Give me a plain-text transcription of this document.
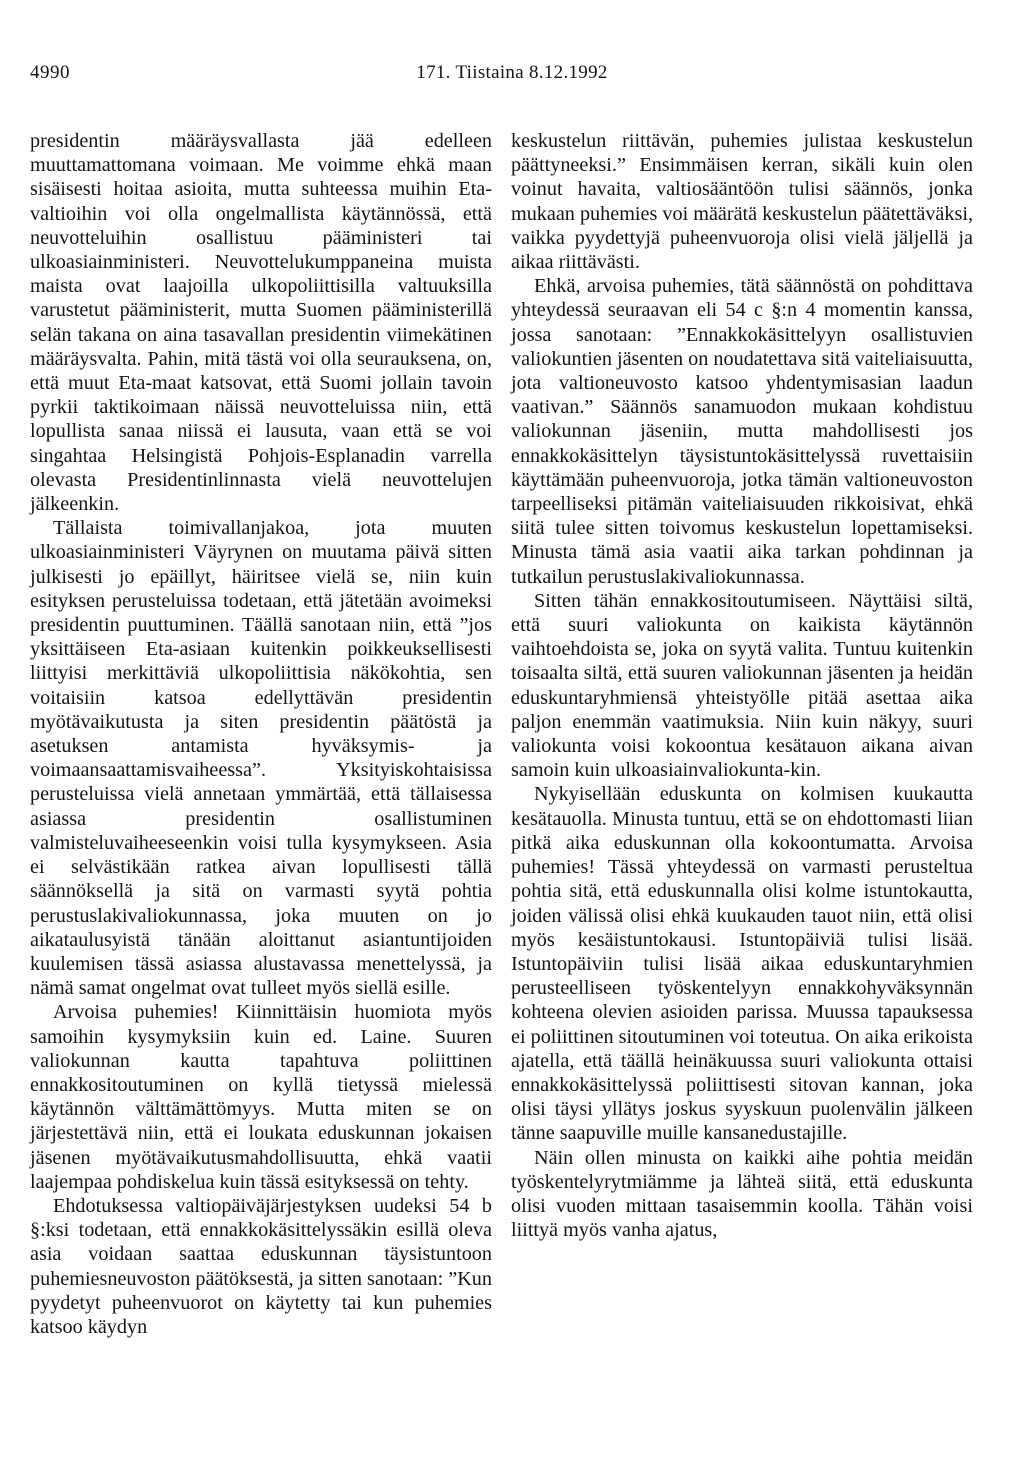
4990	171. Tiistaina 8.12.1992

presidentin määräysvallasta jää edelleen muuttamattomana voimaan. Me voimme ehkä maan sisäisesti hoitaa asioita, mutta suhteessa muihin Eta-valtioihin voi olla ongelmallista käytännössä, että neuvotteluihin osallistuu pääministeri tai ulkoasiainministeri. Neuvottelukumppaneina muista maista ovat laajoilla ulkopoliittisilla valtuuksilla varustetut pääministerit, mutta Suomen pääministerillä selän takana on aina tasavallan presidentin viimekätinen määräysvalta. Pahin, mitä tästä voi olla seurauksena, on, että muut Eta-maat katsovat, että Suomi jollain tavoin pyrkii taktikoimaan näissä neuvotteluissa niin, että lopullista sanaa niissä ei lausuta, vaan että se voi singahtaa Helsingistä Pohjois-Esplanadin varrella olevasta Presidentinlinnasta vielä neuvottelujen jälkeenkin.

Tällaista toimivallanjakoa, jota muuten ulkoasiainministeri Väyrynen on muutama päivä sitten julkisesti jo epäillyt, häiritsee vielä se, niin kuin esityksen perusteluissa todetaan, että jätetään avoimeksi presidentin puuttuminen. Täällä sanotaan niin, että ”jos yksittäiseen Eta-asiaan kuitenkin poikkeuksellisesti liittyisi merkittäviä ulkopoliittisia näkökohtia, sen voitaisiin katsoa edellyttävän presidentin myötävaikutusta ja siten presidentin päätöstä ja asetuksen antamista hyväksymis- ja voimaansaattamisvaiheessa”. Yksityiskohtaisissa perusteluissa vielä annetaan ymmärtää, että tällaisessa asiassa presidentin osallistuminen valmisteluvaiheeseenkin voisi tulla kysymykseen. Asia ei selvästikään ratkea aivan lopullisesti tällä säännöksellä ja sitä on varmasti syytä pohtia perustuslakivaliokunnassa, joka muuten on jo aikataulusyistä tänään aloittanut asiantuntijoiden kuulemisen tässä asiassa alustavassa menettelyssä, ja nämä samat ongelmat ovat tulleet myös siellä esille.

Arvoisa puhemies! Kiinnittäisin huomiota myös samoihin kysymyksiin kuin ed. Laine. Suuren valiokunnan kautta tapahtuva poliittinen ennakkositoutuminen on kyllä tietyssä mielessä käytännön välttämättömyys. Mutta miten se on järjestettävä niin, että ei loukata eduskunnan jokaisen jäsenen myötävaikutusmahdollisuutta, ehkä vaatii laajempaa pohdiskelua kuin tässä esityksessä on tehty.

Ehdotuksessa valtiopäiväjärjestyksen uudeksi 54 b §:ksi todetaan, että ennakkokäsittelyssäkin esillä oleva asia voidaan saattaa eduskunnan täysistuntoon puhemiesneuvoston päätöksestä, ja sitten sanotaan: ”Kun pyydetyt puheenvuorot on käytetty tai kun puhemies katsoo käydyn

keskustelun riittävän, puhemies julistaa keskustelun päättyneeksi.” Ensimmäisen kerran, sikäli kuin olen voinut havaita, valtiosääntöön tulisi säännös, jonka mukaan puhemies voi määrätä keskustelun päätettäväksi, vaikka pyydettyjä puheenvuoroja olisi vielä jäljellä ja aikaa riittävästi.

Ehkä, arvoisa puhemies, tätä säännöstä on pohdittava yhteydessä seuraavan eli 54 c §:n 4 momentin kanssa, jossa sanotaan: ”Ennakkokäsittelyyn osallistuvien valiokuntien jäsenten on noudatettava sitä vaiteliaisuutta, jota valtioneuvosto katsoo yhdentymisasian laadun vaativan.” Säännös sanamuodon mukaan kohdistuu valiokunnan jäseniin, mutta mahdollisesti jos ennakkokäsittelyn täysistuntokäsittelyssä ruvettaisiin käyttämään puheenvuoroja, jotka tämän valtioneuvoston tarpeelliseksi pitämän vaiteliaisuuden rikkoisivat, ehkä siitä tulee sitten toivomus keskustelun lopettamiseksi. Minusta tämä asia vaatii aika tarkan pohdinnan ja tutkailun perustuslakivaliokunnassa.

Sitten tähän ennakkositoutumiseen. Näyttäisi siltä, että suuri valiokunta on kaikista käytännön vaihtoehdoista se, joka on syytä valita. Tuntuu kuitenkin toisaalta siltä, että suuren valiokunnan jäsenten ja heidän eduskuntaryhmiensä yhteistyölle pitää asettaa aika paljon enemmän vaatimuksia. Niin kuin näkyy, suuri valiokunta voisi kokoontua kesätauon aikana aivan samoin kuin ulkoasiainvaliokunta-kin.

Nykyisellään eduskunta on kolmisen kuukautta kesätauolla. Minusta tuntuu, että se on ehdottomasti liian pitkä aika eduskunnan olla kokoontumatta. Arvoisa puhemies! Tässä yhteydessä on varmasti perusteltua pohtia sitä, että eduskunnalla olisi kolme istuntokautta, joiden välissä olisi ehkä kuukauden tauot niin, että olisi myös kesäistuntokausi. Istuntopäiviä tulisi lisää. Istuntopäiviin tulisi lisää aikaa eduskuntaryhmien perusteelliseen työskentelyyn ennakkohyväksynnän kohteena olevien asioiden parissa. Muussa tapauksessa ei poliittinen sitoutuminen voi toteutua. On aika erikoista ajatella, että täällä heinäkuussa suuri valiokunta ottaisi ennakkokäsittelyssä poliittisesti sitovan kannan, joka olisi täysi yllätys joskus syyskuun puolenvälin jälkeen tänne saapuville muille kansanedustajille.

Näin ollen minusta on kaikki aihe pohtia meidän työskentelyrytmiämme ja lähteä siitä, että eduskunta olisi vuoden mittaan tasaisemmin koolla. Tähän voisi liittyä myös vanha ajatus,
